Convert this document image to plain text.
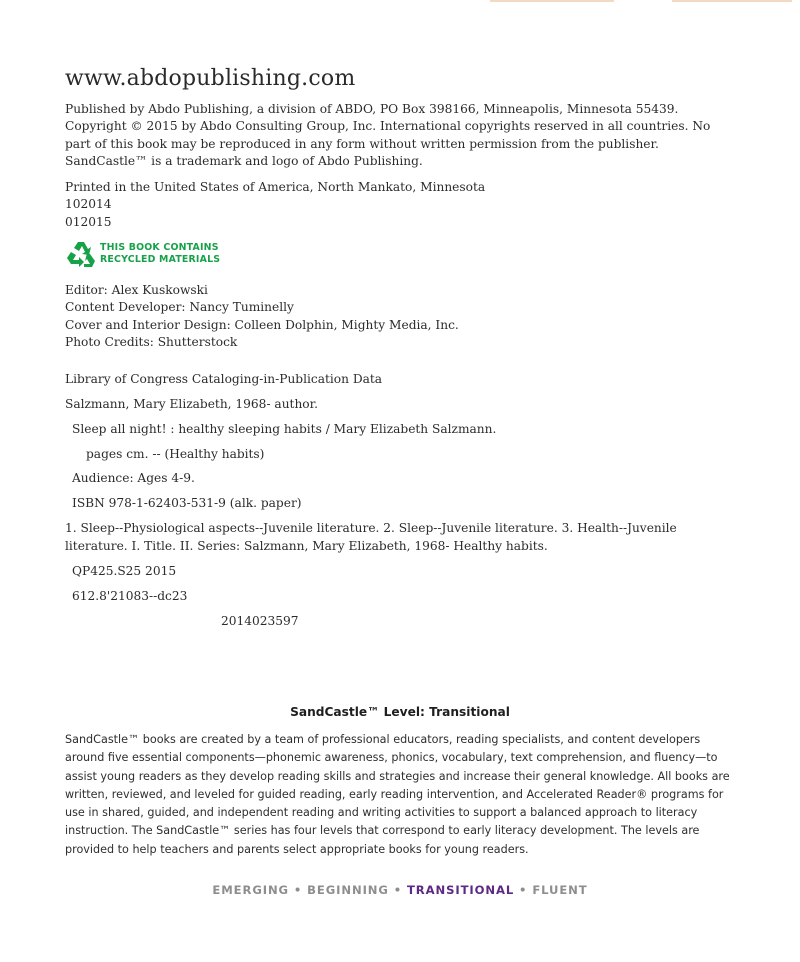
www.abdopublishing.com

Published by Abdo Publishing, a division of ABDO, PO Box 398166, Minneapolis, Minnesota 55439. Copyright © 2015 by Abdo Consulting Group, Inc. International copyrights reserved in all countries. No part of this book may be reproduced in any form without written permission from the publisher. SandCastle™ is a trademark and logo of Abdo Publishing.

Printed in the United States of America, North Mankato, Minnesota
102014
012015
THIS BOOK CONTAINS
RECYCLED MATERIALS
Editor: Alex Kuskowski
Content Developer: Nancy Tuminelly
Cover and Interior Design: Colleen Dolphin, Mighty Media, Inc.
Photo Credits: Shutterstock
Library of Congress Cataloging-in-Publication Data
Salzmann, Mary Elizabeth, 1968- author.
Sleep all night! : healthy sleeping habits / Mary Elizabeth Salzmann.
pages cm. -- (Healthy habits)
Audience: Ages 4-9.
ISBN 978-1-62403-531-9 (alk. paper)
1. Sleep--Physiological aspects--Juvenile literature. 2. Sleep--Juvenile literature. 3. Health--Juvenile literature. I. Title. II. Series: Salzmann, Mary Elizabeth, 1968- Healthy habits.
QP425.S25 2015
612.8'21083--dc23
2014023597
SandCastle™ Level: Transitional
SandCastle™ books are created by a team of professional educators, reading specialists, and content developers around five essential components—phonemic awareness, phonics, vocabulary, text comprehension, and fluency—to assist young readers as they develop reading skills and strategies and increase their general knowledge. All books are written, reviewed, and leveled for guided reading, early reading intervention, and Accelerated Reader® programs for use in shared, guided, and independent reading and writing activities to support a balanced approach to literacy instruction. The SandCastle™ series has four levels that correspond to early literacy development. The levels are provided to help teachers and parents select appropriate books for young readers.
EMERGING • BEGINNING • TRANSITIONAL • FLUENT
